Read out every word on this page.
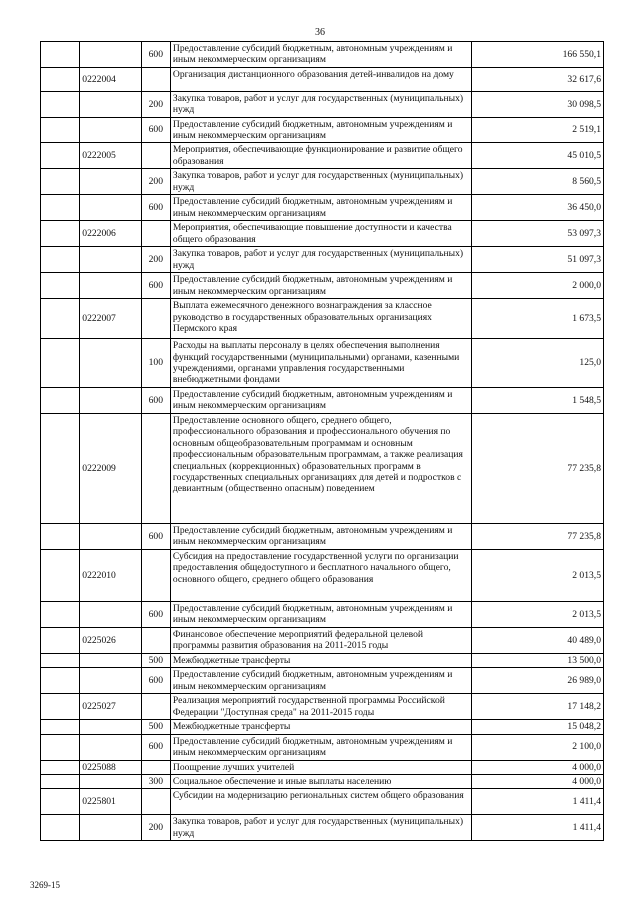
36
		600	Предоставление субсидий бюджетным, автономным учреждениям и иным некоммерческим организациям	166 550,1
	0222004		Организация дистанционного образования детей-инвалидов на дому	32 617,6
		200	Закупка товаров, работ и услуг для государственных (муниципальных) нужд	30 098,5
		600	Предоставление субсидий бюджетным, автономным учреждениям и иным некоммерческим организациям	2 519,1
	0222005		Мероприятия, обеспечивающие функционирование и развитие общего образования	45 010,5
		200	Закупка товаров, работ и услуг для государственных (муниципальных) нужд	8 560,5
		600	Предоставление субсидий бюджетным, автономным учреждениям и иным некоммерческим организациям	36 450,0
	0222006		Мероприятия, обеспечивающие повышение доступности и качества общего образования	53 097,3
		200	Закупка товаров, работ и услуг для государственных (муниципальных) нужд	51 097,3
		600	Предоставление субсидий бюджетным, автономным учреждениям и иным некоммерческим организациям	2 000,0
	0222007		Выплата ежемесячного денежного вознаграждения за классное руководство в государственных образовательных организациях Пермского края	1 673,5
		100	Расходы на выплаты персоналу в целях обеспечения выполнения функций государственными (муниципальными) органами, казенными учреждениями, органами управления государственными внебюджетными фондами	125,0
		600	Предоставление субсидий бюджетным, автономным учреждениям и иным некоммерческим организациям	1 548,5
	0222009		Предоставление основного общего, среднего общего, профессионального образования и профессионального обучения по основным общеобразовательным программам и основным профессиональным образовательным программам, а также реализация специальных (коррекционных) образовательных программ в государственных специальных организациях для детей и подростков с девиантным (общественно опасным) поведением	77 235,8
		600	Предоставление субсидий бюджетным, автономным учреждениям и иным некоммерческим организациям	77 235,8
	0222010		Субсидия на предоставление государственной услуги по организации предоставления общедоступного и бесплатного начального общего, основного общего, среднего общего образования	2 013,5
		600	Предоставление субсидий бюджетным, автономным учреждениям и иным некоммерческим организациям	2 013,5
	0225026		Финансовое обеспечение мероприятий федеральной целевой программы развития образования на 2011-2015 годы	40 489,0
		500	Межбюджетные трансферты	13 500,0
		600	Предоставление субсидий бюджетным, автономным учреждениям и иным некоммерческим организациям	26 989,0
	0225027		Реализация мероприятий государственной программы Российской Федерации "Доступная среда" на 2011-2015 годы	17 148,2
		500	Межбюджетные трансферты	15 048,2
		600	Предоставление субсидий бюджетным, автономным учреждениям и иным некоммерческим организациям	2 100,0
	0225088		Поощрение лучших учителей	4 000,0
		300	Социальное обеспечение и иные выплаты населению	4 000,0
	0225801		Субсидии на модернизацию региональных систем общего образования	1 411,4
		200	Закупка товаров, работ и услуг для государственных (муниципальных) нужд	1 411,4
3269-15
